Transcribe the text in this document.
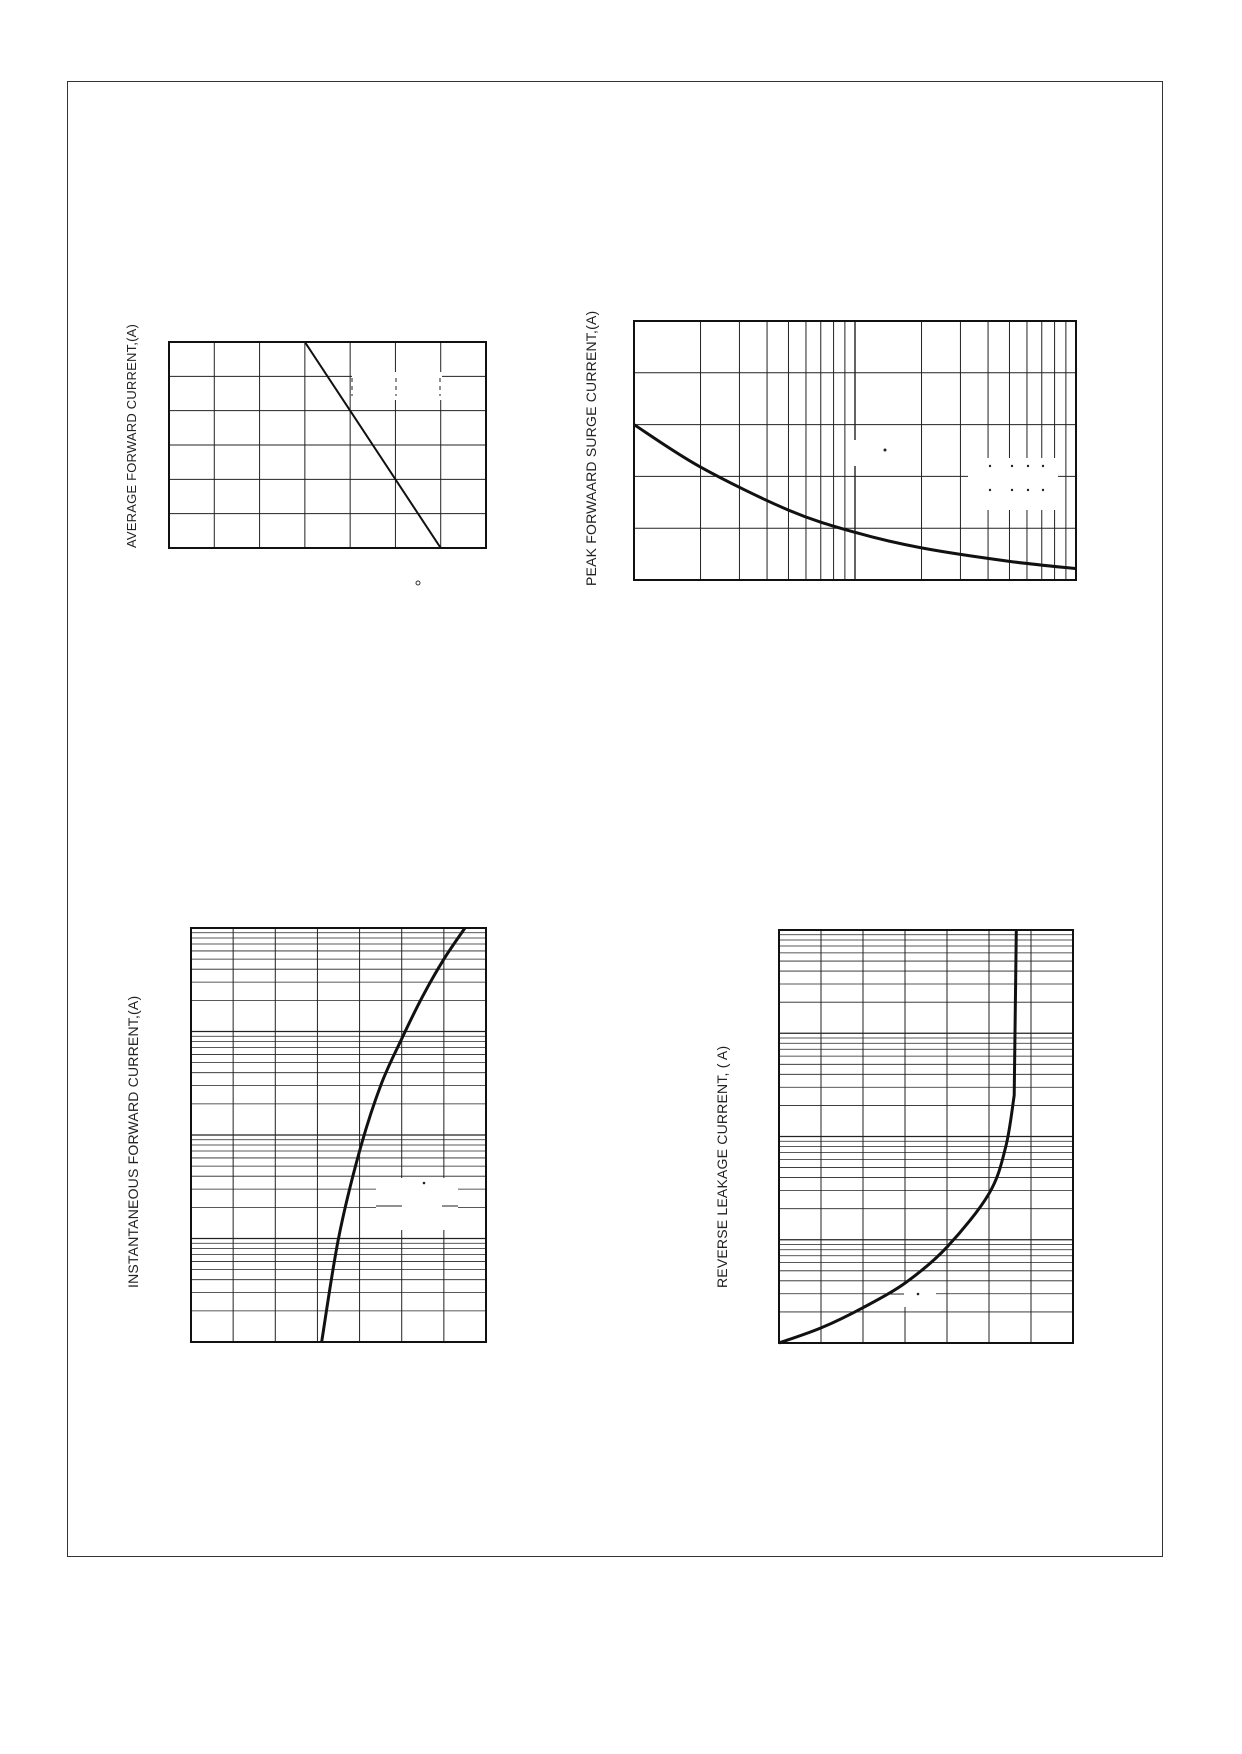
AVERAGE FORWARD CURRENT,(A)	PEAK FORWAARD SURGE CURRENT,(A)
INSTANTANEOUS FORWARD CURRENT,(A)	REVERSE LEAKAGE CURRENT, ( A)
